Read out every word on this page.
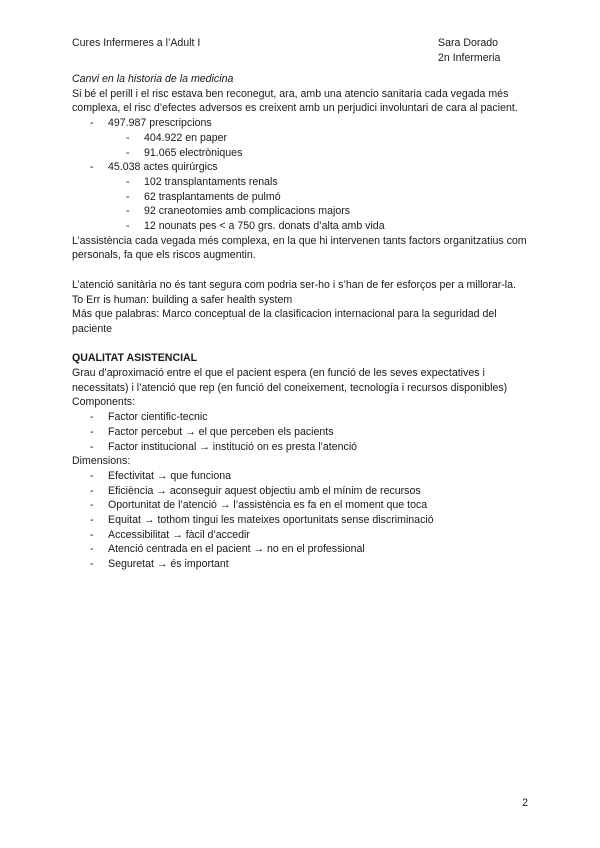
Cures Infermeres a l’Adult I	Sara Dorado
2n Infermeria

Canvi en la historia de la medicina

Si bé el perill i el risc estava ben reconegut, ara, amb una atencio sanitaria cada vegada més complexa, el risc d’efectes adversos es creixent amb un perjudici involuntari de cara al pacient.

- 497.987 prescripcions
- 404.922 en paper
- 91.065 electròniques
- 45.038 actes quirúrgics
- 102 transplantaments renals
- 62 trasplantaments de pulmó
- 92 craneotomies amb complicacions majors
- 12 nounats pes < a 750 grs. donats d’alta amb vida

L’assistència cada vegada més complexa, en la que hi intervenen tants factors organitzatius com personals, fa que els riscos augmentin.

L’atenció sanitària no és tant segura com podria ser-ho i s’han de fer esforços per a millorar-la.

To Err is human: building a safer health system

Más que palabras: Marco conceptual de la clasificacion internacional para la seguridad del paciente

QUALITAT ASISTENCIAL

Grau d’aproximació entre el que el pacient espera (en funció de les seves expectatives i necessitats) i l’atenció que rep (en funció del coneixement, tecnología i recursos disponibles)

Components:

- Factor cientific-tecnic
- Factor percebut → el que perceben els pacients
- Factor institucional → institució on es presta l’atenció

Dimensions:

- Efectivitat → que funciona
- Eficiència → aconseguir aquest objectiu amb el mínim de recursos
- Oportunitat de l’atenció → l’assistència es fa en el moment que toca
- Equitat → tothom tingui les mateixes oportunitats sense discriminació
- Accessibilitat → fàcil d’accedir
- Atenció centrada en el pacient → no en el professional
- Seguretat → és important
2
